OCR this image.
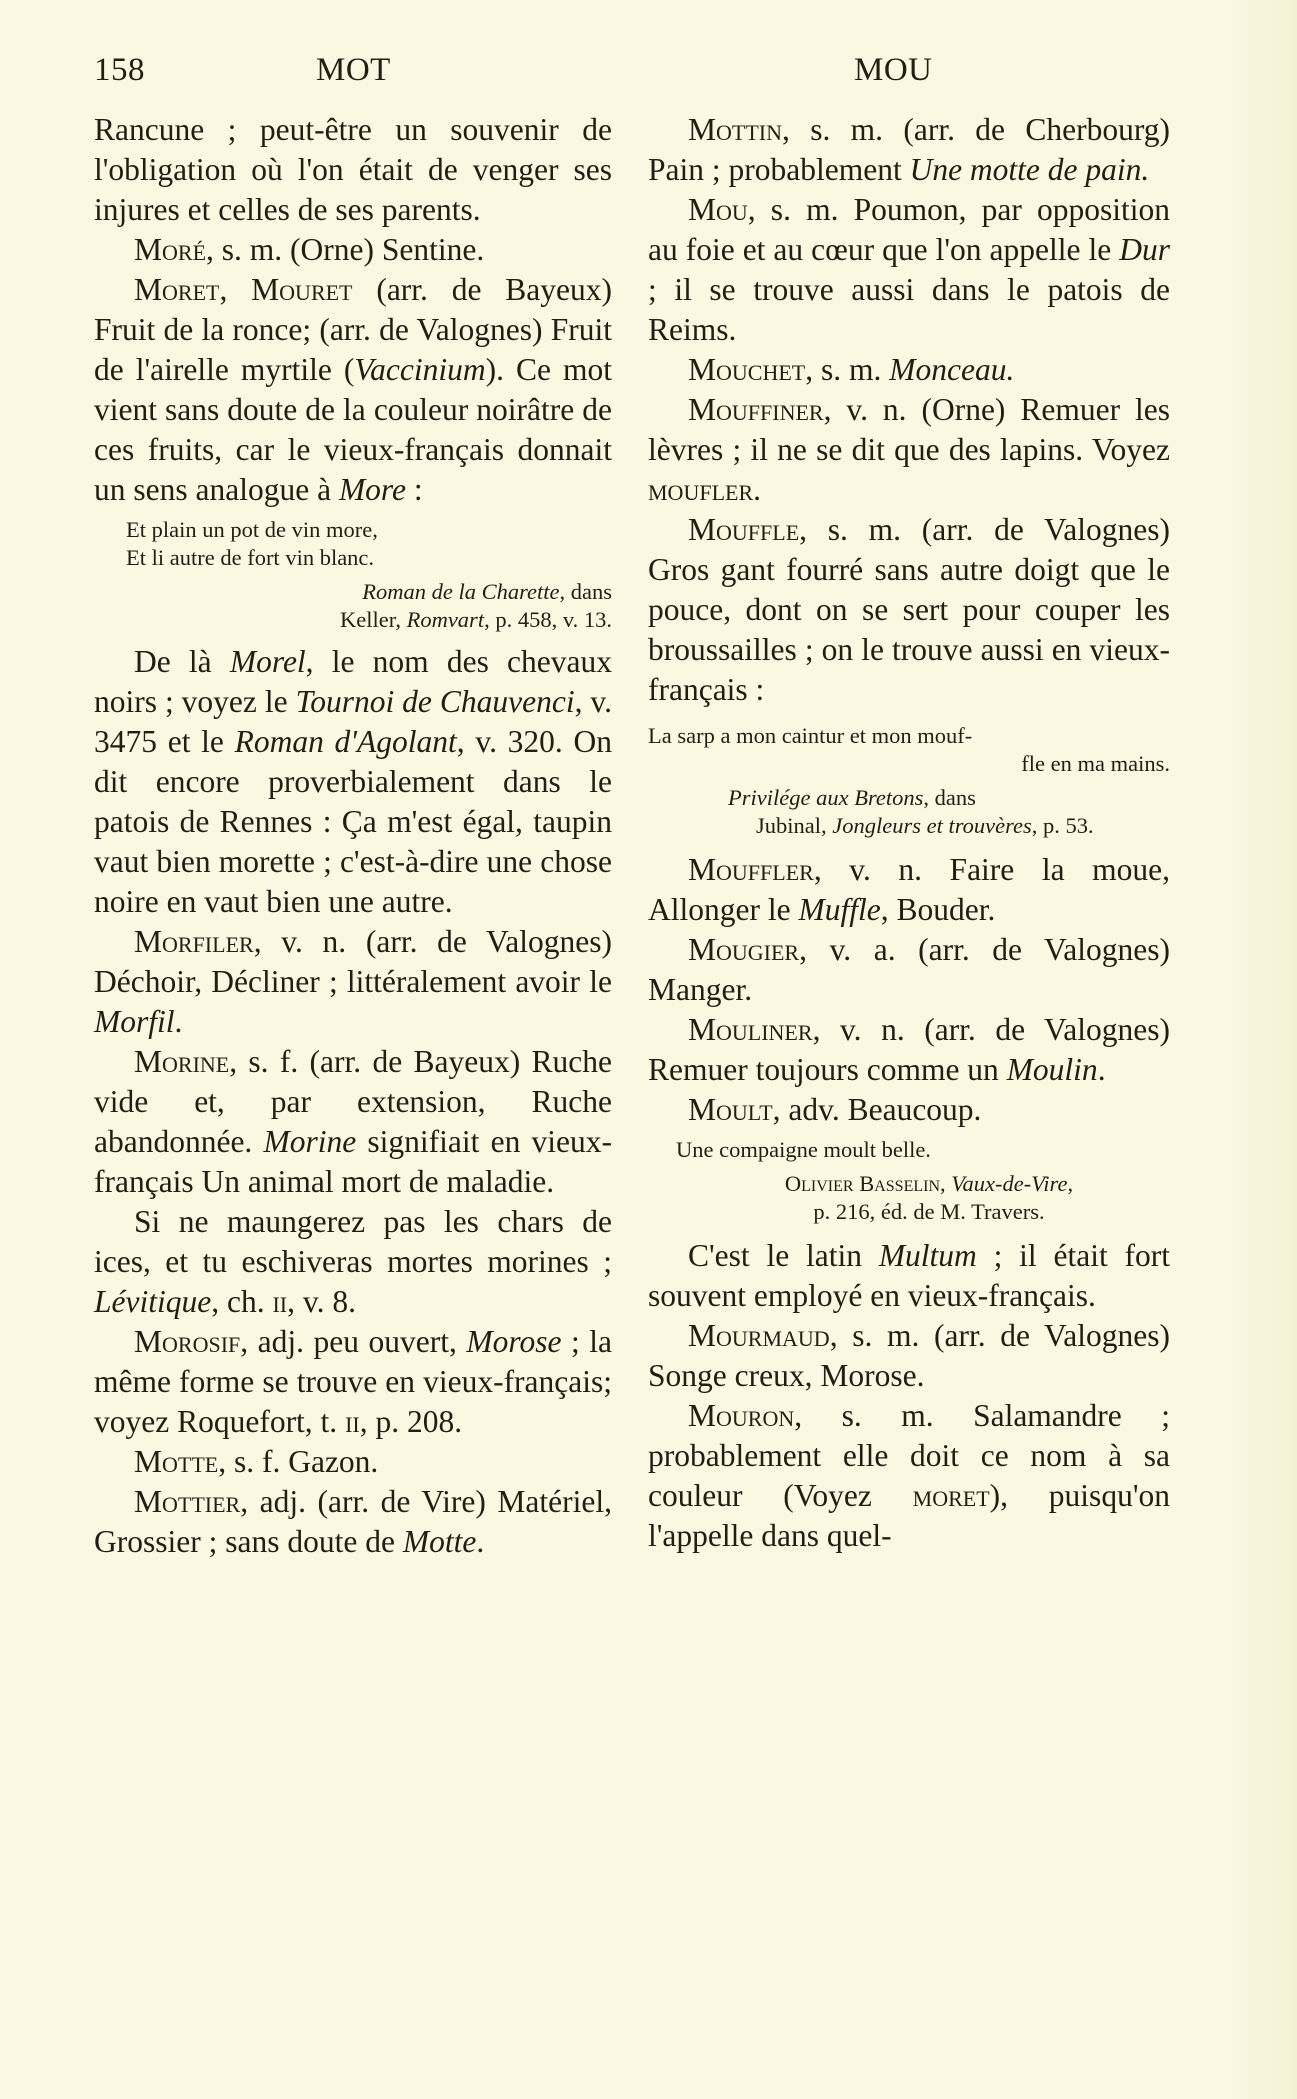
158	MOT	MOU

Rancune ; peut-être un souvenir de l'obligation où l'on était de venger ses injures et celles de ses parents.

Moré, s. m. (Orne) Sentine.

Moret, Mouret (arr. de Bayeux) Fruit de la ronce; (arr. de Valognes) Fruit de l'airelle myrtile (Vaccinium). Ce mot vient sans doute de la couleur noirâtre de ces fruits, car le vieux-français donnait un sens analogue à More :

Et plain un pot de vin more,
Et li autre de fort vin blanc.
Roman de la Charette, dans
Keller, Romvart, p. 458, v. 13.

De là Morel, le nom des chevaux noirs ; voyez le Tournoi de Chauvenci, v. 3475 et le Roman d'Agolant, v. 320. On dit encore proverbialement dans le patois de Rennes : Ça m'est égal, taupin vaut bien morette ; c'est-à-dire une chose noire en vaut bien une autre.

Morfiler, v. n. (arr. de Valognes) Déchoir, Décliner ; littéralement avoir le Morfil.

Morine, s. f. (arr. de Bayeux) Ruche vide et, par extension, Ruche abandonnée. Morine signifiait en vieux-français Un animal mort de maladie.

Si ne maungerez pas les chars de ices, et tu eschiveras mortes morines ; Lévitique, ch. ii, v. 8.

Morosif, adj. peu ouvert, Morose ; la même forme se trouve en vieux-français; voyez Roquefort, t. ii, p. 208.

Motte, s. f. Gazon.

Mottier, adj. (arr. de Vire) Matériel, Grossier ; sans doute de Motte.

Mottin, s. m. (arr. de Cherbourg) Pain ; probablement Une motte de pain.

Mou, s. m. Poumon, par opposition au foie et au cœur que l'on appelle le Dur ; il se trouve aussi dans le patois de Reims.

Mouchet, s. m. Monceau.

Mouffiner, v. n. (Orne) Remuer les lèvres ; il ne se dit que des lapins. Voyez moufler.

Mouffle, s. m. (arr. de Valognes) Gros gant fourré sans autre doigt que le pouce, dont on se sert pour couper les broussailles ; on le trouve aussi en vieux-français :

La sarp a mon caintur et mon mouf-
fle en ma mains.
Privilége aux Bretons, dans
Jubinal, Jongleurs et trouvères, p. 53.

Mouffler, v. n. Faire la moue, Allonger le Muffle, Bouder.

Mougier, v. a. (arr. de Valognes) Manger.

Mouliner, v. n. (arr. de Valognes) Remuer toujours comme un Moulin.

Moult, adv. Beaucoup.

Une compaigne moult belle.
Olivier Basselin, Vaux-de-Vire,
p. 216, éd. de M. Travers.

C'est le latin Multum ; il était fort souvent employé en vieux-français.

Mourmaud, s. m. (arr. de Valognes) Songe creux, Morose.

Mouron, s. m. Salamandre ; probablement elle doit ce nom à sa couleur (Voyez moret), puisqu'on l'appelle dans quel-
